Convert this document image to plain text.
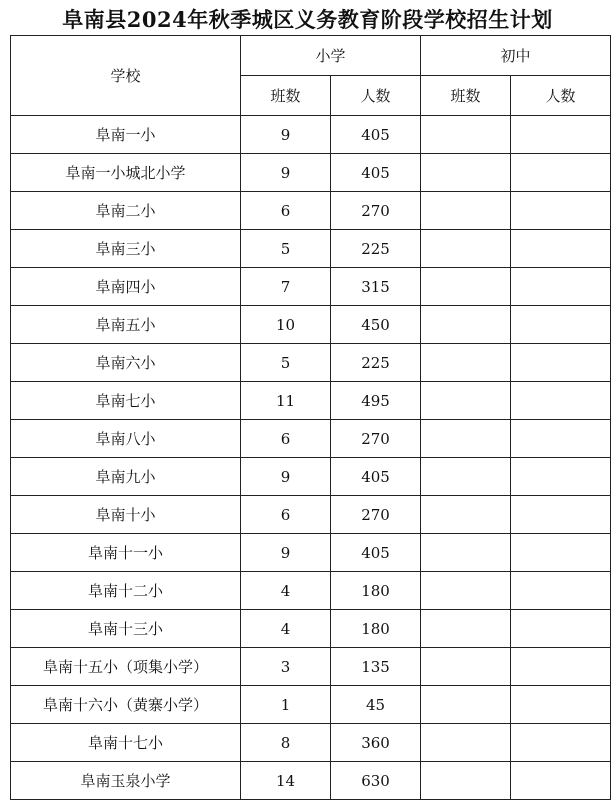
阜南县2024年秋季城区义务教育阶段学校招生计划
学校	小学		初中	
	班数	人数	班数	人数
阜南一小	9	405		
阜南一小城北小学	9	405		
阜南二小	6	270		
阜南三小	5	225		
阜南四小	7	315		
阜南五小	10	450		
阜南六小	5	225		
阜南七小	11	495		
阜南八小	6	270		
阜南九小	9	405		
阜南十小	6	270		
阜南十一小	9	405		
阜南十二小	4	180		
阜南十三小	4	180		
阜南十五小（项集小学）	3	135		
阜南十六小（黄寨小学）	1	45		
阜南十七小	8	360		
阜南玉泉小学	14	630		
